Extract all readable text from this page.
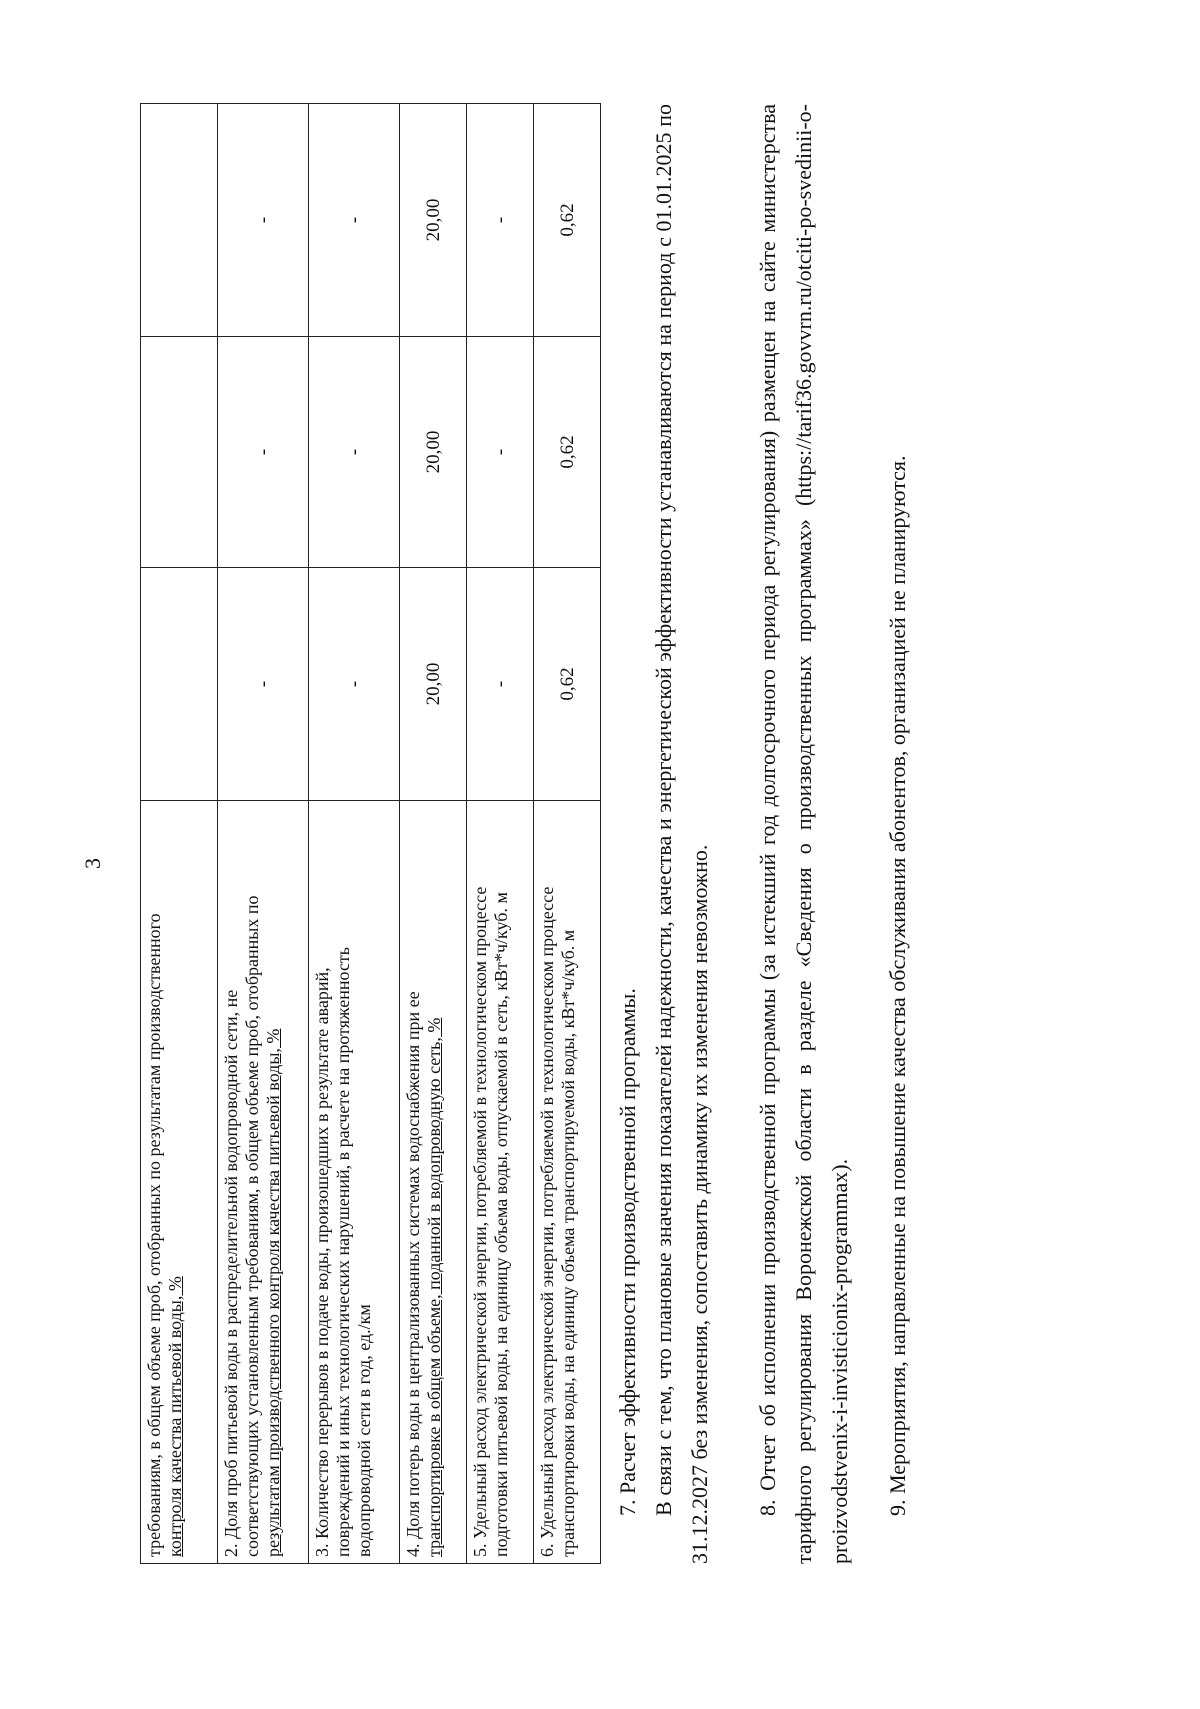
3
требованиям, в общем объеме проб, отобранных по результатам производственного контроля качества питьевой воды, %			

2. Доля проб питьевой воды в распределительной водопроводной сети, не соответствующих установленным требованиям, в общем объеме проб, отобранных по результатам производственного контроля качества питьевой воды, %	-	-	-

3. Количество перерывов в подаче воды, произошедших в результате аварий, повреждений и иных технологических нарушений, в расчете на протяженность водопроводной сети в год, ед./км	-	-	-

4. Доля потерь воды в централизованных системах водоснабжения при ее транспортировке в общем объеме, поданной в водопроводную сеть, %	20,00	20,00	20,00

5. Удельный расход электрической энергии, потребляемой в технологическом процессе подготовки питьевой воды, на единицу объема воды, отпускаемой в сеть, кВт*ч/куб. м	-	-	-

6. Удельный расход электрической энергии, потребляемой в технологическом процессе транспортировки воды, на единицу объема транспортируемой воды, кВт*ч/куб. м	0,62	0,62	0,62

7. Расчет эффективности производственной программы. В связи с тем, что плановые значения показателей надежности, качества и энергетической эффективности устанавливаются на период с 01.01.2025 по 31.12.2027 без изменения, сопоставить динамику их изменения невозможно. 8. Отчет об исполнении производственной программы (за истекший год долгосрочного периода регулирования) размещен на сайте министерства тарифного регулирования Воронежской области в разделе «Сведения о производственных программах» (https://tarif36.govvrn.ru/otciti-po-svedinii-o-proizvodstvenix-i-invisticionix-programmax). 9. Мероприятия, направленные на повышение качества обслуживания абонентов, организацией не планируются.
